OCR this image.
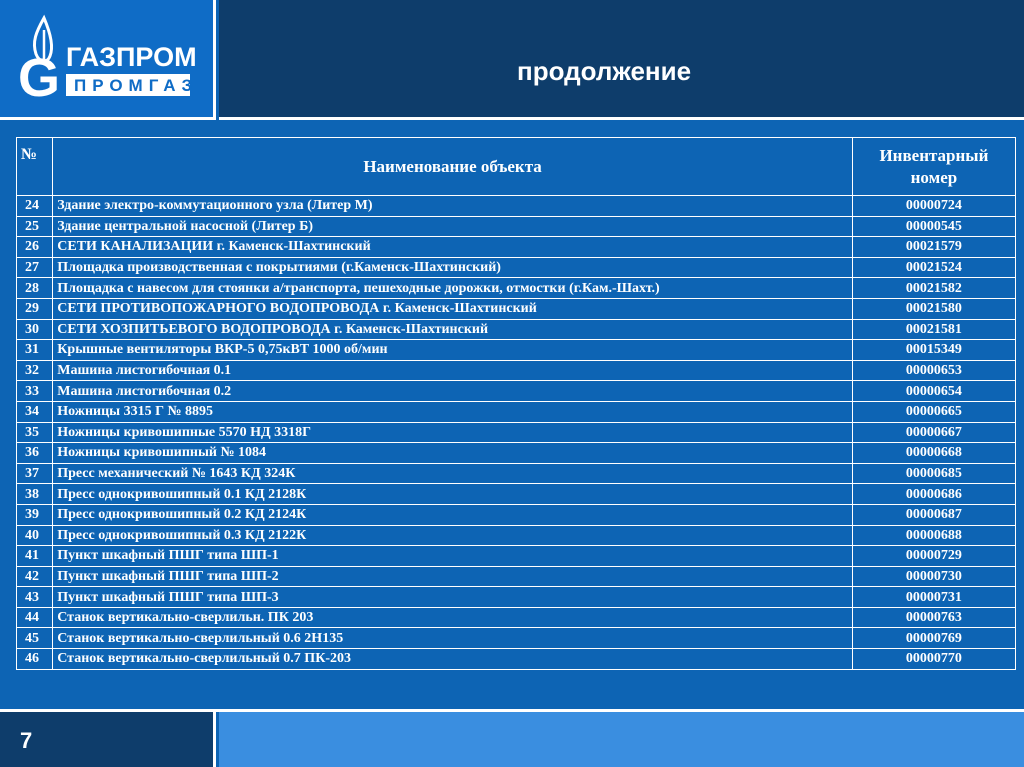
G ГАЗПРОМ
ПРОМГАЗ	продолжение
№	Наименование объекта	Инвентарный
номер
24	Здание электро-коммутационного узла (Литер М)	00000724
25	Здание центральной насосной (Литер Б)	00000545
26	СЕТИ КАНАЛИЗАЦИИ г. Каменск-Шахтинский	00021579
27	Площадка производственная с покрытиями (г.Каменск-Шахтинский)	00021524
28	Площадка с навесом для стоянки а/транспорта, пешеходные дорожки, отмостки (г.Кам.-Шахт.)	00021582
29	СЕТИ ПРОТИВОПОЖАРНОГО ВОДОПРОВОДА г. Каменск-Шахтинский	00021580
30	СЕТИ ХОЗПИТЬЕВОГО ВОДОПРОВОДА г. Каменск-Шахтинский	00021581
31	Крышные вентиляторы ВКР-5 0,75кВТ 1000 об/мин	00015349
32	Машина листогибочная 0.1	00000653
33	Машина листогибочная 0.2	00000654
34	Ножницы 3315 Г № 8895	00000665
35	Ножницы кривошипные 5570 НД 3318Г	00000667
36	Ножницы кривошипный № 1084	00000668
37	Пресс механический № 1643 КД 324К	00000685
38	Пресс однокривошипный 0.1 КД 2128К	00000686
39	Пресс однокривошипный 0.2 КД 2124К	00000687
40	Пресс однокривошипный 0.3 КД 2122К	00000688
41	Пункт шкафный ПШГ типа ШП-1	00000729
42	Пункт шкафный ПШГ типа ШП-2	00000730
43	Пункт шкафный ПШГ типа ШП-3	00000731
44	Станок вертикально-сверлильн. ПК 203	00000763
45	Станок вертикально-сверлильный 0.6 2Н135	00000769
46	Станок вертикально-сверлильный 0.7 ПК-203	00000770
7
